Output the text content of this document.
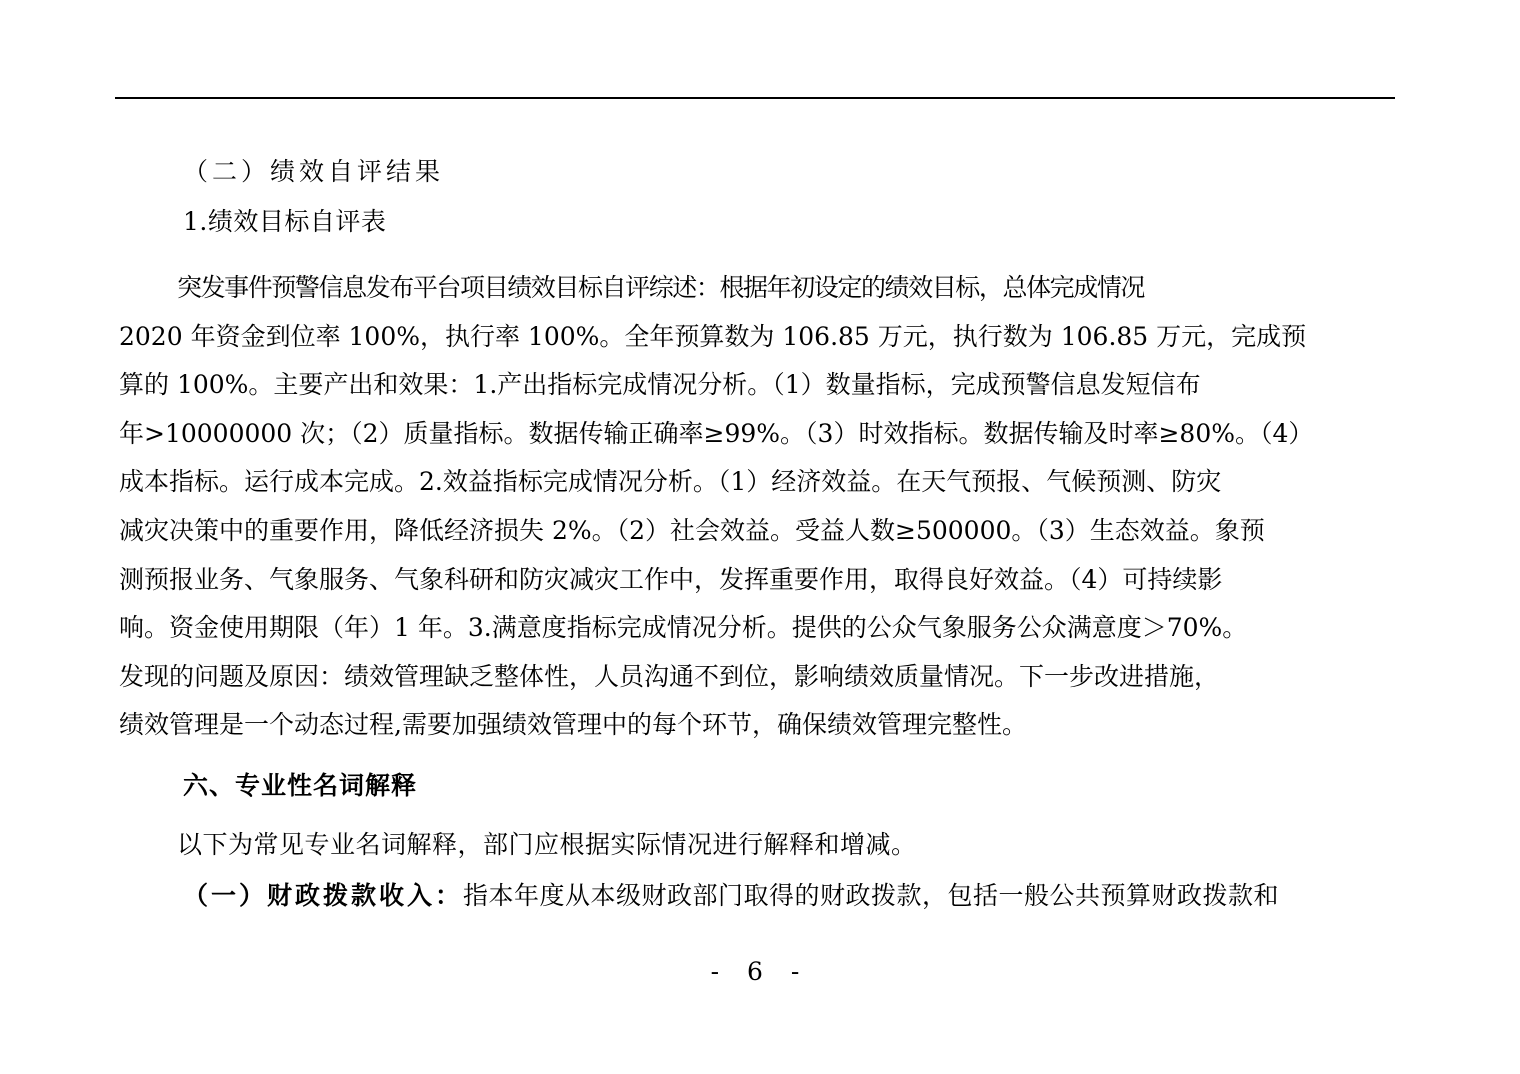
（二）绩效自评结果
1.绩效目标自评表
突发事件预警信息发布平台项目绩效目标自评综述：根据年初设定的绩效目标，总体完成情况
2020 年资金到位率 100%，执行率 100%。全年预算数为 106.85 万元，执行数为 106.85 万元，完成预
算的 100%。主要产出和效果：1.产出指标完成情况分析。（1）数量指标，完成预警信息发短信布
年>10000000 次；（2）质量指标。数据传输正确率≥99%。（3）时效指标。数据传输及时率≥80%。（4）
成本指标。运行成本完成。2.效益指标完成情况分析。（1）经济效益。在天气预报、气候预测、防灾
减灾决策中的重要作用，降低经济损失 2%。（2）社会效益。受益人数≥500000。（3）生态效益。象预
测预报业务、气象服务、气象科研和防灾减灾工作中，发挥重要作用，取得良好效益。（4）可持续影
响。资金使用期限（年）1 年。3.满意度指标完成情况分析。提供的公众气象服务公众满意度＞70%。
发现的问题及原因：绩效管理缺乏整体性，人员沟通不到位，影响绩效质量情况。下一步改进措施，
绩效管理是一个动态过程,需要加强绩效管理中的每个环节，确保绩效管理完整性。
六、专业性名词解释
以下为常见专业名词解释，部门应根据实际情况进行解释和增减。
（一）财政拨款收入：指本年度从本级财政部门取得的财政拨款，包括一般公共预算财政拨款和
- 6 -
